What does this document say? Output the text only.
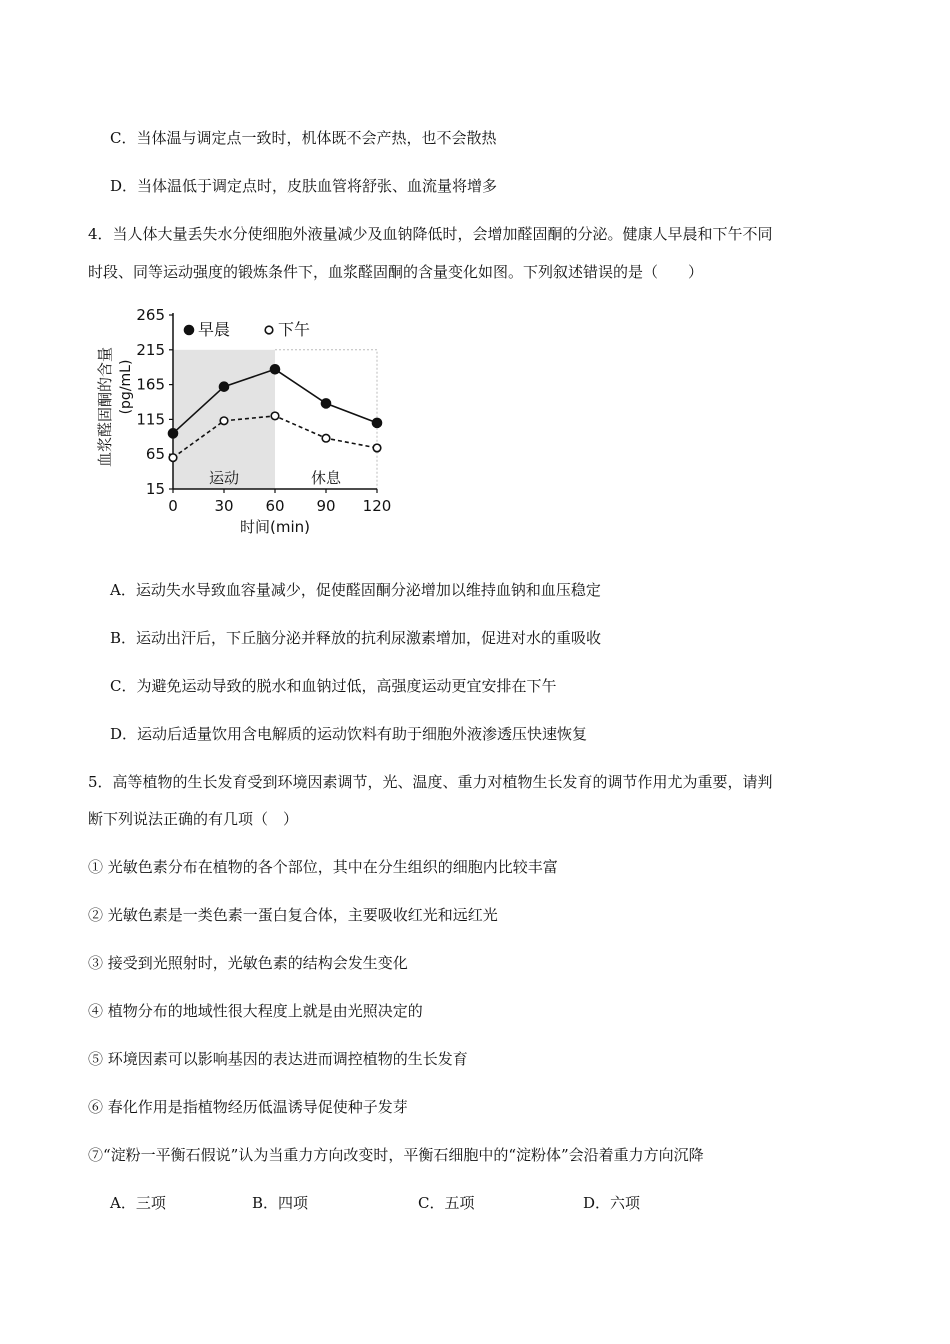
C．当体温与调定点一致时，机体既不会产热，也不会散热
D．当体温低于调定点时，皮肤血管将舒张、血流量将增多
4．当人体大量丢失水分使细胞外液量减少及血钠降低时，会增加醛固酮的分泌。健康人早晨和下午不同
时段、同等运动强度的锻炼条件下，血浆醛固酮的含量变化如图。下列叙述错误的是（　　）
运动	休息
15
65
115
165
215
265
0 30 60 90 120
时间(min)
血浆醛固酮的含量 (pg/mL)
早晨	下午
A．运动失水导致血容量减少，促使醛固酮分泌增加以维持血钠和血压稳定
B．运动出汗后，下丘脑分泌并释放的抗利尿激素增加，促进对水的重吸收
C．为避免运动导致的脱水和血钠过低，高强度运动更宜安排在下午
D．运动后适量饮用含电解质的运动饮料有助于细胞外液渗透压快速恢复
5．高等植物的生长发育受到环境因素调节，光、温度、重力对植物生长发育的调节作用尤为重要，请判
断下列说法正确的有几项（　）
① 光敏色素分布在植物的各个部位，其中在分生组织的细胞内比较丰富
② 光敏色素是一类色素一蛋白复合体，主要吸收红光和远红光
③ 接受到光照射时，光敏色素的结构会发生变化
④ 植物分布的地域性很大程度上就是由光照决定的
⑤ 环境因素可以影响基因的表达进而调控植物的生长发育
⑥ 春化作用是指植物经历低温诱导促使种子发芽
⑦“淀粉一平衡石假说”认为当重力方向改变时，平衡石细胞中的“淀粉体”会沿着重力方向沉降
A．三项	B．四项	C．五项	D．六项
